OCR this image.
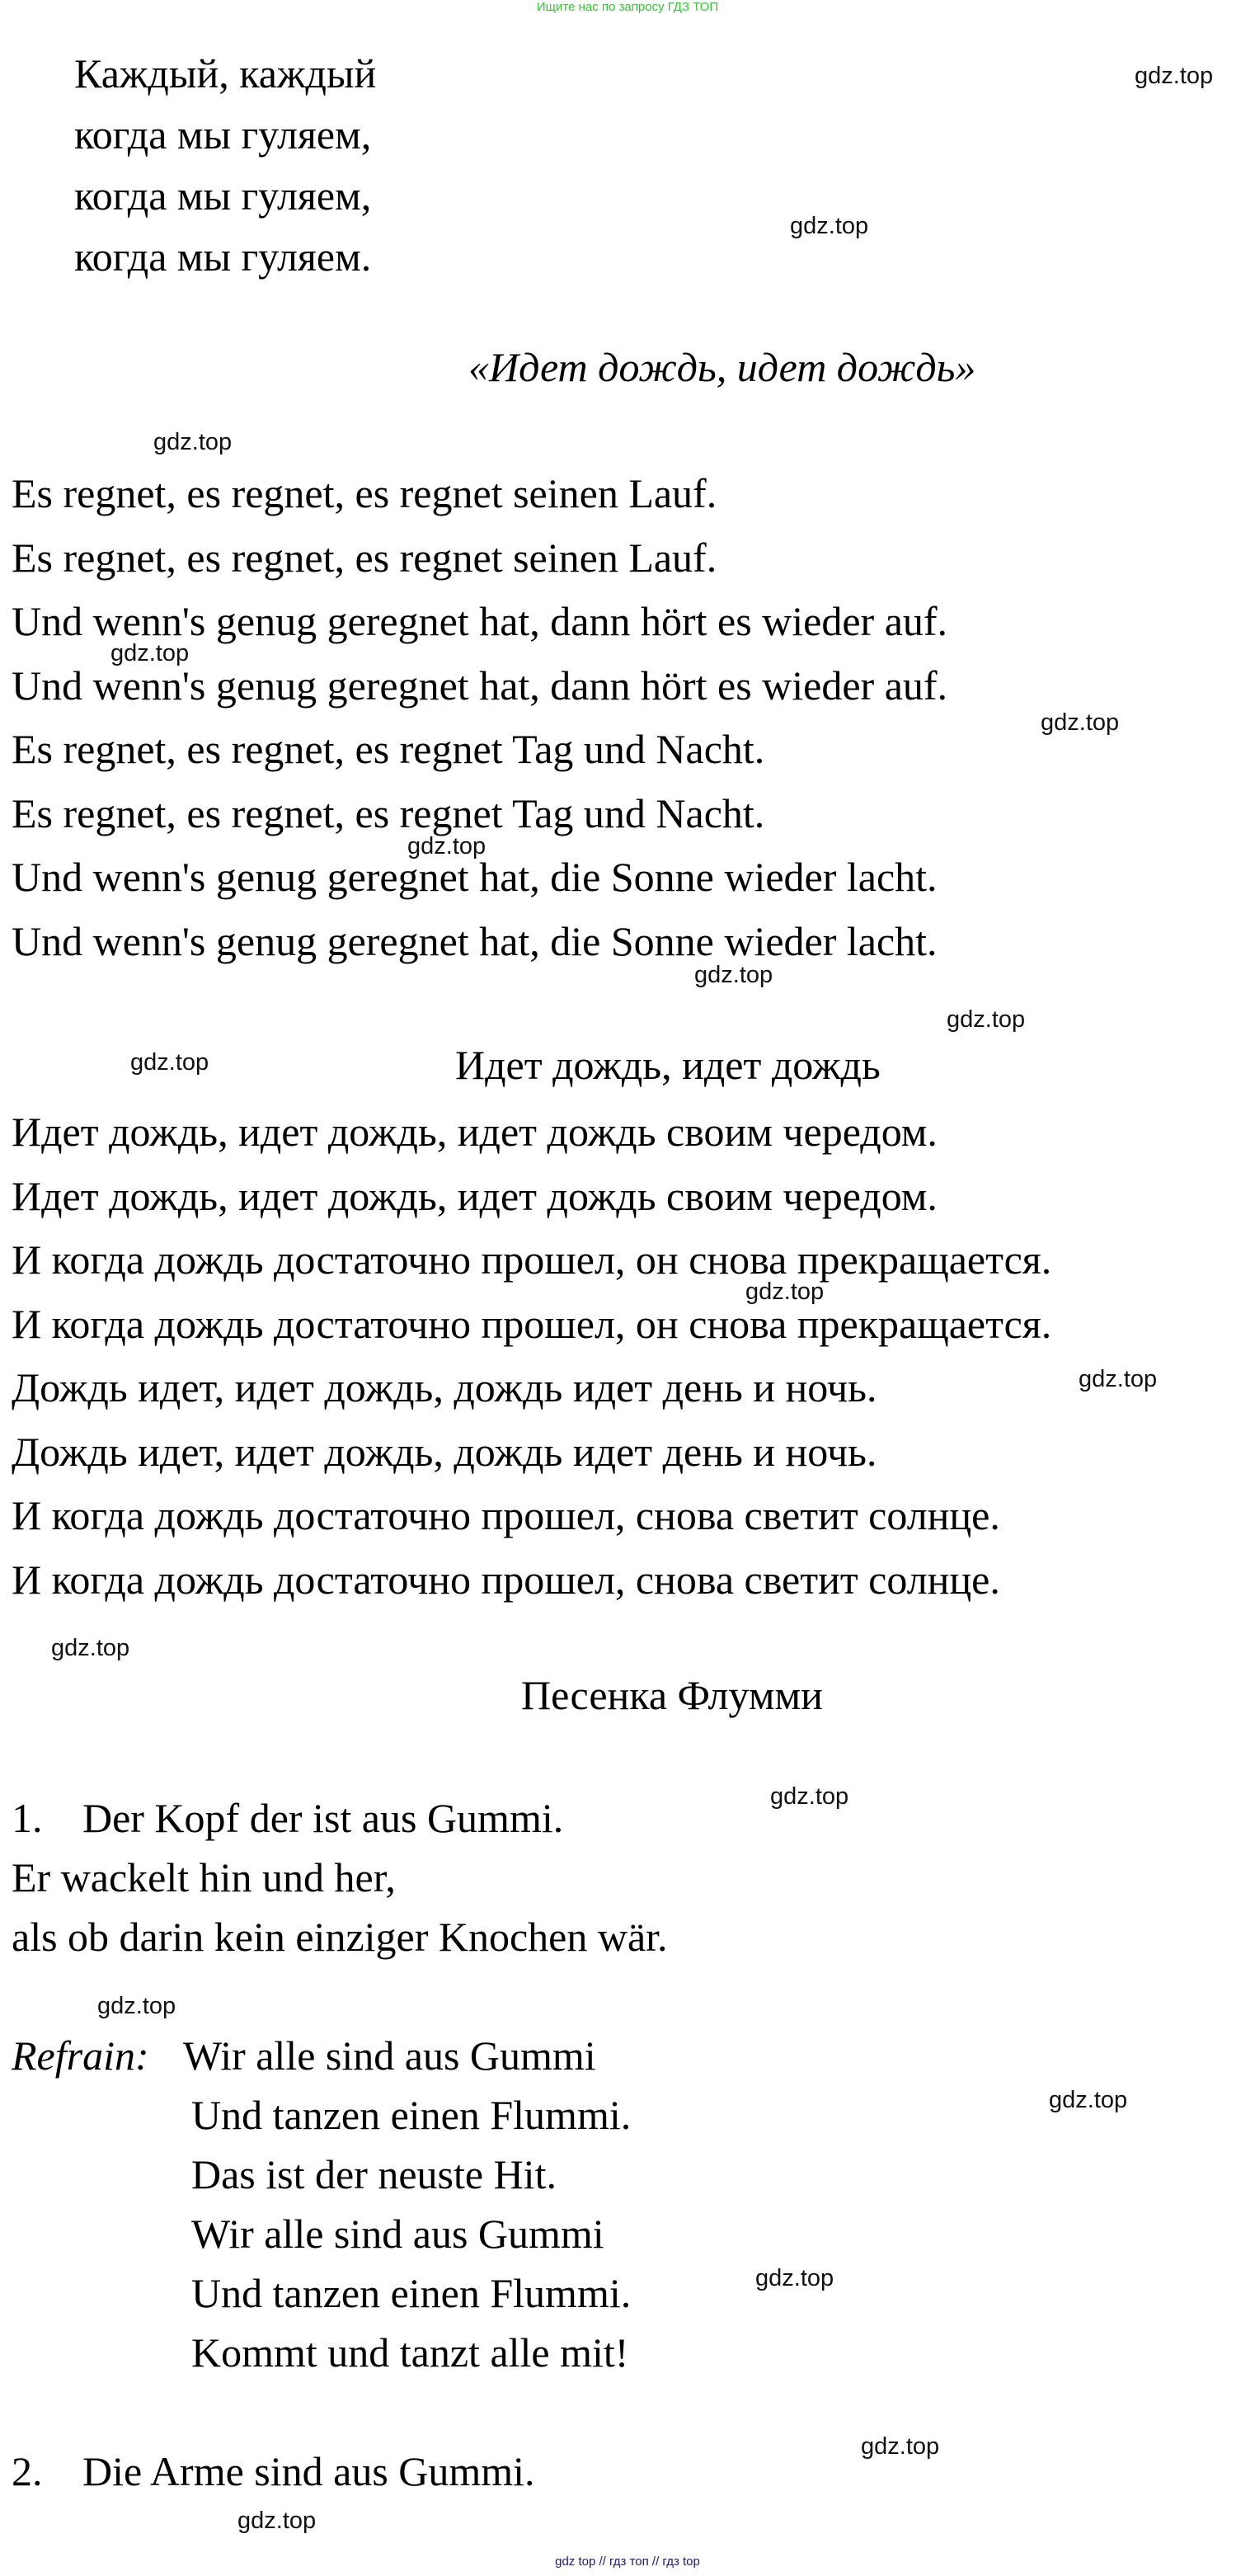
Ищите нас по запросу ГДЗ ТОП
Каждый, каждый
когда мы гуляем,
когда мы гуляем,
когда мы гуляем.
«Идет дождь, идет дождь»
Es regnet, es regnet, es regnet seinen Lauf.
Es regnet, es regnet, es regnet seinen Lauf.
Und wenn's genug geregnet hat, dann hört es wieder auf.
Und wenn's genug geregnet hat, dann hört es wieder auf.
Es regnet, es regnet, es regnet Tag und Nacht.
Es regnet, es regnet, es regnet Tag und Nacht.
Und wenn's genug geregnet hat, die Sonne wieder lacht.
Und wenn's genug geregnet hat, die Sonne wieder lacht.
Идет дождь, идет дождь
Идет дождь, идет дождь, идет дождь своим чередом.
Идет дождь, идет дождь, идет дождь своим чередом.
И когда дождь достаточно прошел, он снова прекращается.
И когда дождь достаточно прошел, он снова прекращается.
Дождь идет, идет дождь, дождь идет день и ночь.
Дождь идет, идет дождь, дождь идет день и ночь.
И когда дождь достаточно прошел, снова светит солнце.
И когда дождь достаточно прошел, снова светит солнце.
Песенка Флумми
1. Der Kopf der ist aus Gummi.
Er wackelt hin und her,
als ob darin kein einziger Knochen wär.
Refrain: Wir alle sind aus Gummi
Und tanzen einen Flummi.
Das ist der neuste Hit.
Wir alle sind aus Gummi
Und tanzen einen Flummi.
Kommt und tanzt alle mit!
2. Die Arme sind aus Gummi.
gdz.top
gdz.top
gdz.top
gdz.top
gdz.top
gdz.top
gdz.top
gdz.top
gdz.top
gdz.top
gdz.top
gdz.top
gdz.top
gdz.top
gdz.top
gdz.top
gdz.top
gdz.top
gdz top // гдз топ // гдз top
